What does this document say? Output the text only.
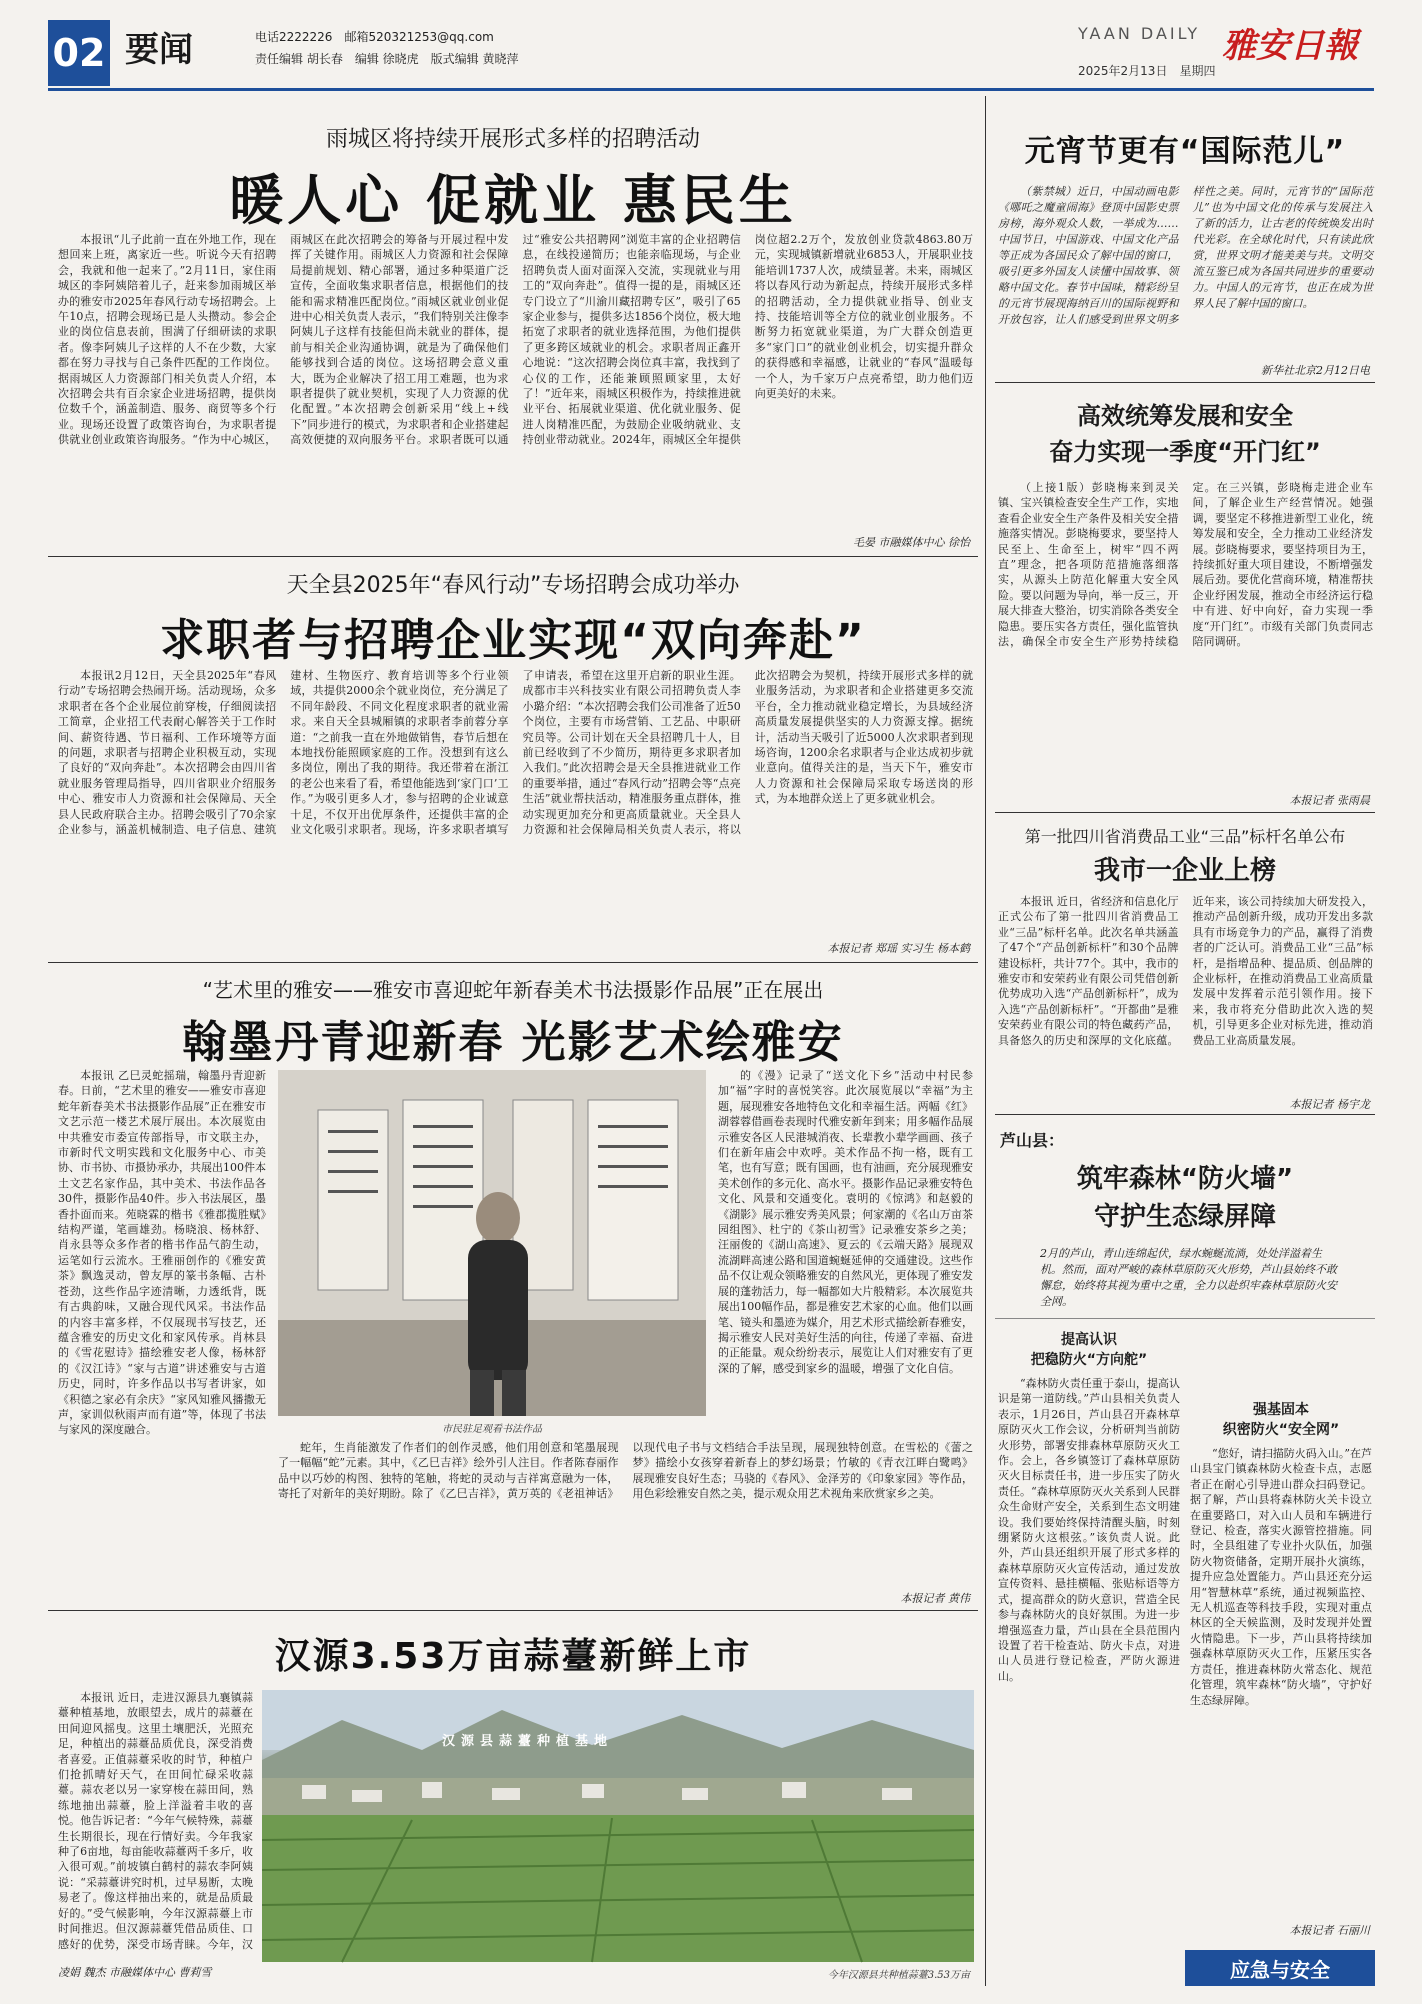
02 要闻	电话2222226 邮箱520321253@qq.com
责任编辑 胡长春 编辑 徐晓虎 版式编辑 黄晓萍
YAAN DAILY 雅安日報
2025年2月13日　星期四
雨城区将持续开展形式多样的招聘活动
暖人心 促就业 惠民生

本报讯“儿子此前一直在外地工作，现在想回来上班，离家近一些。听说今天有招聘会，我就和他一起来了。”2月11日，家住雨城区的李阿姨陪着儿子，赶来参加雨城区举办的雅安市2025年春风行动专场招聘会。上午10点，招聘会现场已是人头攒动。参会企业的岗位信息表前，围满了仔细研读的求职者。像李阿姨儿子这样的人不在少数，大家都在努力寻找与自己条件匹配的工作岗位。据雨城区人力资源部门相关负责人介绍，本次招聘会共有百余家企业进场招聘，提供岗位数千个，涵盖制造、服务、商贸等多个行业。现场还设置了政策咨询台，为求职者提供就业创业政策咨询服务。“作为中心城区，雨城区在此次招聘会的筹备与开展过程中发挥了关键作用。雨城区人力资源和社会保障局提前规划、精心部署，通过多种渠道广泛宣传，全面收集求职者信息，根据他们的技能和需求精准匹配岗位。”雨城区就业创业促进中心相关负责人表示，“我们特别关注像李阿姨儿子这样有技能但尚未就业的群体，提前与相关企业沟通协调，就是为了确保他们能够找到合适的岗位。这场招聘会意义重大，既为企业解决了招工用工难题，也为求职者提供了就业契机，实现了人力资源的优化配置。”本次招聘会创新采用“线上+线下”同步进行的模式，为求职者和企业搭建起高效便捷的双向服务平台。求职者既可以通过“雅安公共招聘网”浏览丰富的企业招聘信息，在线投递简历；也能亲临现场，与企业招聘负责人面对面深入交流，实现就业与用工的“双向奔赴”。值得一提的是，雨城区还专门设立了“川渝川藏招聘专区”，吸引了65家企业参与，提供多达1856个岗位，极大地拓宽了求职者的就业选择范围，为他们提供了更多跨区域就业的机会。求职者周正鑫开心地说：“这次招聘会岗位真丰富，我找到了心仪的工作，还能兼顾照顾家里，太好了！”近年来，雨城区积极作为，持续推进就业平台、拓展就业渠道、优化就业服务、促进人岗精准匹配，为鼓励企业吸纳就业、支持创业带动就业。2024年，雨城区全年提供岗位超2.2万个，发放创业贷款4863.80万元，实现城镇新增就业6853人，开展职业技能培训1737人次，成绩显著。未来，雨城区将以春风行动为新起点，持续开展形式多样的招聘活动，全力提供就业指导、创业支持、技能培训等全方位的就业创业服务。不断努力拓宽就业渠道，为广大群众创造更多“家门口”的就业创业机会，切实提升群众的获得感和幸福感，让就业的“春风”温暖每一个人，为千家万户点亮希望，助力他们迈向更美好的未来。

毛晏 市融媒体中心 徐怡
天全县2025年“春风行动”专场招聘会成功举办
求职者与招聘企业实现“双向奔赴”

本报讯2月12日，天全县2025年“春风行动”专场招聘会热闹开场。活动现场，众多求职者在各个企业展位前穿梭，仔细阅读招工简章，企业招工代表耐心解答关于工作时间、薪资待遇、节日福利、工作环境等方面的问题，求职者与招聘企业积极互动，实现了良好的“双向奔赴”。本次招聘会由四川省就业服务管理局指导，四川省职业介绍服务中心、雅安市人力资源和社会保障局、天全县人民政府联合主办。招聘会吸引了70余家企业参与，涵盖机械制造、电子信息、建筑建材、生物医疗、教育培训等多个行业领域，共提供2000余个就业岗位，充分满足了不同年龄段、不同文化程度求职者的就业需求。来自天全县城厢镇的求职者李前蓉分享道：“之前我一直在外地做销售，春节后想在本地找份能照顾家庭的工作。没想到有这么多岗位，刚出了我的期待。我还带着在浙江的老公也来看了看，希望他能选到‘家门口’工作。”为吸引更多人才，参与招聘的企业诚意十足，不仅开出优厚条件，还提供丰富的企业文化吸引求职者。现场，许多求职者填写了申请表，希望在这里开启新的职业生涯。成都市丰兴科技实业有限公司招聘负责人李小璐介绍：“本次招聘会我们公司准备了近50个岗位，主要有市场营销、工艺品、中职研究员等。公司计划在天全县招聘几十人，目前已经收到了不少简历，期待更多求职者加入我们。”此次招聘会是天全县推进就业工作的重要举措，通过“春风行动”招聘会等“点亮生活”就业帮扶活动，精准服务重点群体，推动实现更加充分和更高质量就业。天全县人力资源和社会保障局相关负责人表示，将以此次招聘会为契机，持续开展形式多样的就业服务活动，为求职者和企业搭建更多交流平台，全力推动就业稳定增长，为县域经济高质量发展提供坚实的人力资源支撑。据统计，活动当天吸引了近5000人次求职者到现场咨询，1200余名求职者与企业达成初步就业意向。值得关注的是，当天下午，雅安市人力资源和社会保障局采取专场送岗的形式，为本地群众送上了更多就业机会。

本报记者 郑瑶 实习生 杨本鹤
“艺术里的雅安——雅安市喜迎蛇年新春美术书法摄影作品展”正在展出
翰墨丹青迎新春 光影艺术绘雅安

本报讯 乙巳灵蛇摇瑞，翰墨丹青迎新春。日前，“艺术里的雅安——雅安市喜迎蛇年新春美术书法摄影作品展”正在雅安市文艺示范一楼艺术展厅展出。本次展览由中共雅安市委宣传部指导，市文联主办，市新时代文明实践和文化服务中心、市美协、市书协、市摄协承办，共展出100件本土文艺名家作品，其中美术、书法作品各30件，摄影作品40件。步入书法展区，墨香扑面而来。苑晓霖的楷书《雅郡揽胜赋》结构严谨，笔画雄劲。杨晓浪、杨林舒、肖永县等众多作者的楷书作品气韵生动，运笔如行云流水。王雅丽创作的《雅安黄茶》飘逸灵动，曾友厚的篆书条幅、古朴苍劲，这些作品字迹清晰，力透纸背，既有古典韵味，又融合现代风采。书法作品的内容丰富多样，不仅展现书写技艺，还蕴含雅安的历史文化和家风传承。肖林县的《雪花慰诗》描绘雅安老人像，杨林舒的《汉江诗》“家与古道”讲述雅安与古道历史，同时，许多作品以书写者讲家，如《积德之家必有余庆》“家风知雅风播撒无声，家训似秋雨声而有道”等，体现了书法与家风的深度融合。	市民驻足观看书法作品

的《漫》记录了“送文化下乡”活动中村民参加“福”字时的喜悦笑容。此次展览展以“幸福”为主题，展现雅安各地特色文化和幸福生活。两幅《红》湖蓉蓉借画卷表现时代雅安新年到来；用多幅作品展示雅安各区人民港城消夜、长辈教小辈学画画、孩子们在新年庙会中欢呼。美术作品不拘一格，既有工笔，也有写意；既有国画，也有油画，充分展现雅安美术创作的多元化、高水平。摄影作品记录雅安特色文化、风景和交通变化。袁明的《惊鸿》和赵毅的《湖影》展示雅安秀美风景；何家潮的《名山万亩茶园组图》、杜宁的《茶山初雪》记录雅安茶乡之美；汪丽俊的《湖山高速》、夏云的《云端天路》展现双流湖畔高速公路和国道蜿蜒延伸的交通建设。这些作品不仅让观众领略雅安的自然风光，更体现了雅安发展的蓬勃活力，每一幅都如大片般精彩。本次展览共展出100幅作品，都是雅安艺术家的心血。他们以画笔、镜头和墨迹为媒介，用艺术形式描绘新春雅安，揭示雅安人民对美好生活的向往，传递了幸福、奋进的正能量。观众纷纷表示，展览让人们对雅安有了更深的了解，感受到家乡的温暖，增强了文化自信。

蛇年，生肖能激发了作者们的创作灵感，他们用创意和笔墨展现了一幅幅“蛇”元素。其中，《乙巳吉祥》绘外引人注目。作者陈春丽作品中以巧妙的构图、独特的笔触，将蛇的灵动与吉祥寓意融为一体，寄托了对新年的美好期盼。除了《乙巳吉祥》，黄万英的《老祖神话》以现代电子书与文档结合手法呈现，展现独特创意。在雪松的《蕾之梦》描绘小女孩穿着新春上的梦幻场景；竹敏的《青衣江畔白鹭鸣》展现雅安良好生态；马骁的《春风》、金泽芳的《印象家园》等作品，用色彩绘雅安自然之美，提示观众用艺术视角来欣赏家乡之美。

本报记者 黄伟
汉源3.53万亩蒜薹新鲜上市

本报讯 近日，走进汉源县九襄镇蒜薹种植基地，放眼望去，成片的蒜薹在田间迎风摇曳。这里土壤肥沃，光照充足，种植出的蒜薹品质优良，深受消费者喜爱。正值蒜薹采收的时节，种植户们抢抓晴好天气，在田间忙碌采收蒜薹。蒜农老以另一家穿梭在蒜田间，熟练地抽出蒜薹，脸上洋溢着丰收的喜悦。他告诉记者：“今年气候特殊，蒜薹生长期很长，现在行情好卖。今年我家种了6亩地，每亩能收蒜薹两千多斤，收入很可观。”前坡镇白鹤村的蒜农李阿姨说：“采蒜薹讲究时机，过早易断，太晚易老了。像这样抽出来的，就是品质最好的。”受气候影响，今年汉源蒜薹上市时间推迟。但汉源蒜薹凭借品质佳、口感好的优势，深受市场青睐。今年，汉

凌娟 魏杰 市融媒体中心 曹莉雪
汉源县蒜薹种植基地
今年汉源县共种植蒜薹3.53万亩
元宵节更有“国际范儿”

（紫禁城）近日，中国动画电影《哪吒之魔童闹海》登顶中国影史票房榜，海外观众人数，一举成为……中国节日，中国游戏、中国文化产品等正成为各国民众了解中国的窗口，吸引更多外国友人读懂中国故事、领略中国文化。春节中国味，精彩纷呈的元宵节展现海纳百川的国际视野和开放包容，让人们感受到世界文明多样性之美。同时，元宵节的“国际范儿”也为中国文化的传承与发展注入了新的活力，让古老的传统焕发出时代光彩。在全球化时代，只有读此欣赏，世界文明才能美美与共。文明交流互鉴已成为各国共同进步的重要动力。中国人的元宵节，也正在成为世界人民了解中国的窗口。

新华社北京2月12日电
高效统筹发展和安全
奋力实现一季度“开门红”

（上接1版）彭晓梅来到灵关镇、宝兴镇检查安全生产工作，实地查看企业安全生产条件及相关安全措施落实情况。彭晓梅要求，要坚持人民至上、生命至上，树牢“四不两直”理念，把各项防范措施落细落实，从源头上防范化解重大安全风险。要以问题为导向，举一反三，开展大排查大整治，切实消除各类安全隐患。要压实各方责任，强化监管执法，确保全市安全生产形势持续稳定。在三兴镇，彭晓梅走进企业车间，了解企业生产经营情况。她强调，要坚定不移推进新型工业化，统筹发展和安全，全力推动工业经济发展。彭晓梅要求，要坚持项目为王，持续抓好重大项目建设，不断增强发展后劲。要优化营商环境，精准帮扶企业纾困发展，推动全市经济运行稳中有进、好中向好，奋力实现一季度“开门红”。市级有关部门负责同志陪同调研。

本报记者 张雨晨
第一批四川省消费品工业“三品”标杆名单公布
我市一企业上榜

本报讯 近日，省经济和信息化厅正式公布了第一批四川省消费品工业“三品”标杆名单。此次名单共涵盖了47个“产品创新标杆”和30个品牌建设标杆，共计77个。其中，我市的雅安市和安荣药业有限公司凭借创新优势成功入选“产品创新标杆”，成为入选“产品创新标杆”。“开都曲”是雅安荣药业有限公司的特色藏药产品，具备悠久的历史和深厚的文化底蕴。近年来，该公司持续加大研发投入，推动产品创新升级，成功开发出多款具有市场竞争力的产品，赢得了消费者的广泛认可。消费品工业“三品”标杆，是指增品种、提品质、创品牌的企业标杆，在推动消费品工业高质量发展中发挥着示范引领作用。接下来，我市将充分借助此次入选的契机，引导更多企业对标先进，推动消费品工业高质量发展。

本报记者 杨宇龙
芦山县：
筑牢森林“防火墙”
守护生态绿屏障
2月的芦山，青山连绵起伏，绿水蜿蜒流淌，处处洋溢着生机。然而，面对严峻的森林草原防灭火形势，芦山县始终不敢懈怠，始终将其视为重中之重，全力以赴织牢森林草原防火安全网。
提高认识
把稳防火“方向舵”

“森林防火责任重于泰山，提高认识是第一道防线。”芦山县相关负责人表示，1月26日，芦山县召开森林草原防灭火工作会议，分析研判当前防火形势，部署安排森林草原防灭火工作。会上，各乡镇签订了森林草原防灭火目标责任书，进一步压实了防火责任。“森林草原防灭火关系到人民群众生命财产安全，关系到生态文明建设。我们要始终保持清醒头脑，时刻绷紧防火这根弦。”该负责人说。此外，芦山县还组织开展了形式多样的森林草原防灭火宣传活动，通过发放宣传资料、悬挂横幅、张贴标语等方式，提高群众的防火意识，营造全民参与森林防火的良好氛围。为进一步增强巡查力量，芦山县在全县范围内设置了若干检查站、防火卡点，对进山人员进行登记检查，严防火源进山。

强基固本
织密防火“安全网”

“您好，请扫描防火码入山。”在芦山县宝门镇森林防火检查卡点，志愿者正在耐心引导进山群众扫码登记。据了解，芦山县将森林防火关卡设立在重要路口，对入山人员和车辆进行登记、检查，落实火源管控措施。同时，全县组建了专业扑火队伍，加强防火物资储备，定期开展扑火演练，提升应急处置能力。芦山县还充分运用“智慧林草”系统，通过视频监控、无人机巡查等科技手段，实现对重点林区的全天候监测，及时发现并处置火情隐患。下一步，芦山县将持续加强森林草原防灭火工作，压紧压实各方责任，推进森林防火常态化、规范化管理，筑牢森林“防火墙”，守护好生态绿屏障。

本报记者 石丽川
应急与安全
